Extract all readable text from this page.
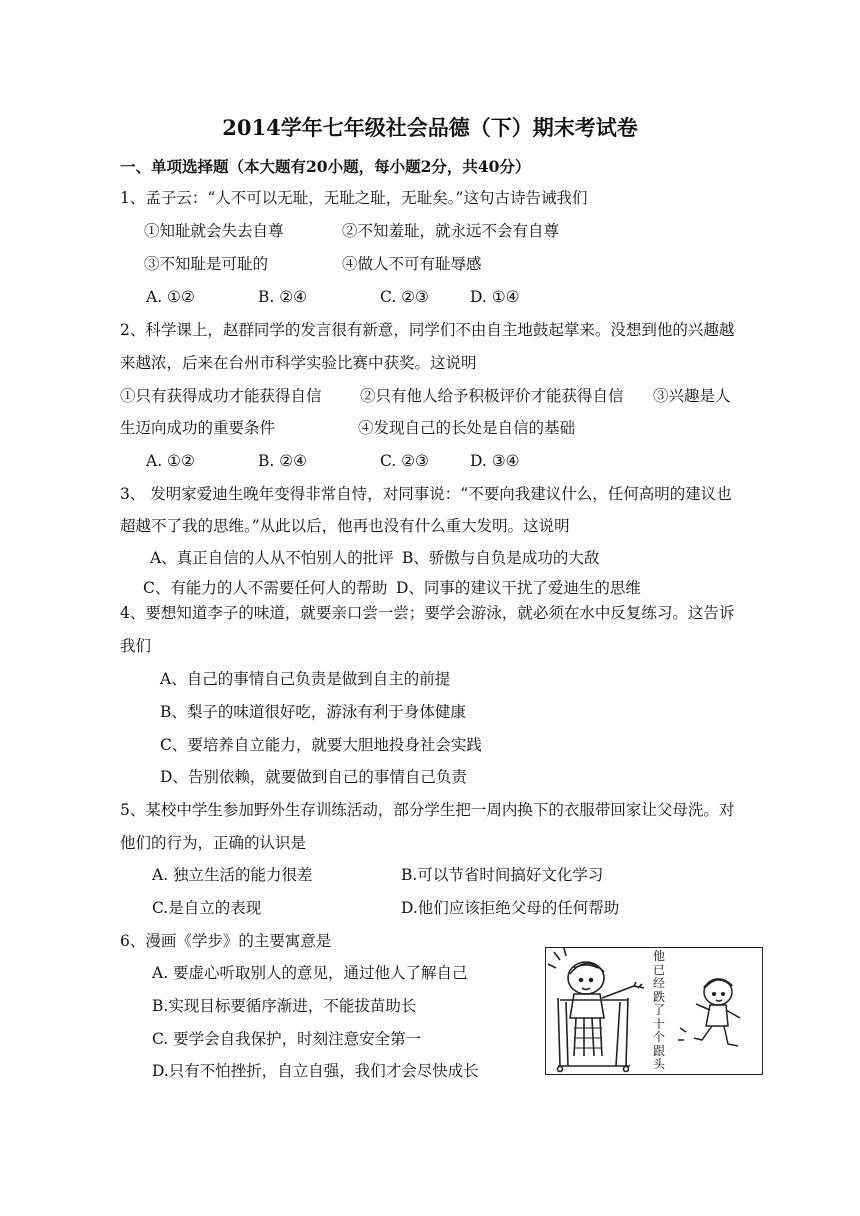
2014学年七年级社会品德（下）期末考试卷
一、单项选择题（本大题有20小题，每小题2分，共40分）
1、孟子云：“人不可以无耻，无耻之耻，无耻矣。”这句古诗告诫我们
①知耻就会失去自尊	②不知羞耻，就永远不会有自尊
③不知耻是可耻的	④做人不可有耻辱感
A. ①②	B. ②④	C. ②③	D. ①④
2、科学课上，赵群同学的发言很有新意，同学们不由自主地鼓起掌来。没想到他的兴趣越
来越浓，后来在台州市科学实验比赛中获奖。这说明
①只有获得成功才能获得自信 ②只有他人给予积极评价才能获得自信 ③兴趣是人
生迈向成功的重要条件	④发现自己的长处是自信的基础
A. ①②	B. ②④	C. ②③	D. ③④
3、 发明家爱迪生晚年变得非常自恃，对同事说：“不要向我建议什么，任何高明的建议也
超越不了我的思维。”从此以后，他再也没有什么重大发明。这说明
A、真正自信的人从不怕别人的批评 B、骄傲与自负是成功的大敌
C、有能力的人不需要任何人的帮助 D、同事的建议干扰了爱迪生的思维
4、要想知道李子的味道，就要亲口尝一尝；要学会游泳，就必须在水中反复练习。这告诉
我们
A、自己的事情自己负责是做到自主的前提
B、梨子的味道很好吃，游泳有利于身体健康
C、要培养自立能力，就要大胆地投身社会实践
D、告别依赖，就要做到自己的事情自己负责
5、某校中学生参加野外生存训练活动，部分学生把一周内换下的衣服带回家让父母洗。对
他们的行为，正确的认识是
A. 独立生活的能力很差	B.可以节省时间搞好文化学习
C.是自立的表现	D.他们应该拒绝父母的任何帮助
6、漫画《学步》的主要寓意是
A. 要虚心听取别人的意见，通过他人了解自己
B.实现目标要循序渐进，不能拔苗助长
C. 要学会自我保护，时刻注意安全第一
D.只有不怕挫折，自立自强，我们才会尽快成长
他已经跌了十个跟头
